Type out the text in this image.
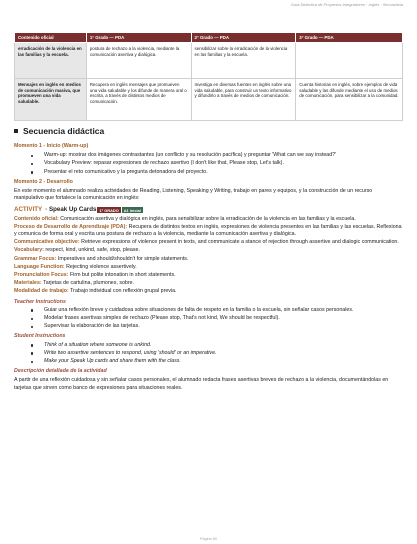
Guía Didáctica de Proyectos Integradores · Inglés · Secundaria
Contenido oficial	1° Grado — PDA	2° Grado — PDA	3° Grado — PDA
erradicación de la violencia en las familias y la escuela.	postura de rechazo a la violencia, mediante la comunicación asertiva y dialógica.	sensibilizar sobre la erradicación de la violencia en las familias y la escuela.	
Mensajes en inglés en medios de comunicación masiva, que promueven una vida saludable.	Recupera en inglés mensajes que promueven una vida saludable y los difunde de manera oral o escrita, a través de distintos medios de comunicación.	Investiga en diversas fuentes en inglés sobre una vida saludable, para construir un texto informativo y difundirlo a través de medios de comunicación.	Cuenta historias en inglés, sobre ejemplos de vida saludable y las difunde mediante el uso de medios de comunicación, para sensibilizar a la comunidad.
Secuencia didáctica
Momento 1 - Inicio (Warm-up)
Warm-up: mostrar dos imágenes contrastantes (un conflicto y su resolución pacífica) y preguntar 'What can we say instead?'
Vocabulary Preview: repasar expresiones de rechazo asertivo (I don't like that, Please stop, Let's talk).
Presentar el reto comunicativo y la pregunta detonadora del proyecto.
Momento 2 - Desarrollo
En este momento el alumnado realiza actividades de Reading, Listening, Speaking y Writing, trabajo en pares y equipos, y la construcción de un recurso manipulativo que fortalece la comunicación en inglés:
ACTIVITY · Speak Up Cards 1° GRADO	A1 Inicial
Contenido oficial: Comunicación asertiva y dialógica en inglés, para sensibilizar sobre la erradicación de la violencia en las familias y la escuela.
Proceso de Desarrollo de Aprendizaje (PDA): Recupera de distintos textos en inglés, expresiones de violencia presentes en las familias y las escuelas. Reflexiona y comunica de forma oral y escrita una postura de rechazo a la violencia, mediante la comunicación asertiva y dialógica.
Communicative objective: Retrieve expressions of violence present in texts, and communicate a stance of rejection through assertive and dialogic communication.
Vocabulary: respect, kind, unkind, safe, stop, please.
Grammar Focus: Imperatives and should/shouldn't for simple statements.
Language Function: Rejecting violence assertively.
Pronunciation Focus: Firm but polite intonation in short statements.
Materiales: Tarjetas de cartulina, plumones, sobre.
Modalidad de trabajo: Trabajo individual con reflexión grupal previa.
Teacher Instructions
Guiar una reflexión breve y cuidadosa sobre situaciones de falta de respeto en la familia o la escuela, sin señalar casos personales.
Modelar frases asertivas simples de rechazo (Please stop, That's not kind, We should be respectful).
Supervisar la elaboración de las tarjetas.
Student Instructions
Think of a situation where someone is unkind.
Write two assertive sentences to respond, using 'should' or an imperative.
Make your Speak Up cards and share them with the class.
Descripción detallada de la actividad
A partir de una reflexión cuidadosa y sin señalar casos personales, el alumnado redacta frases asertivas breves de rechazo a la violencia, documentándolas en tarjetas que sirven como banco de expresiones para situaciones reales.
Página 60
